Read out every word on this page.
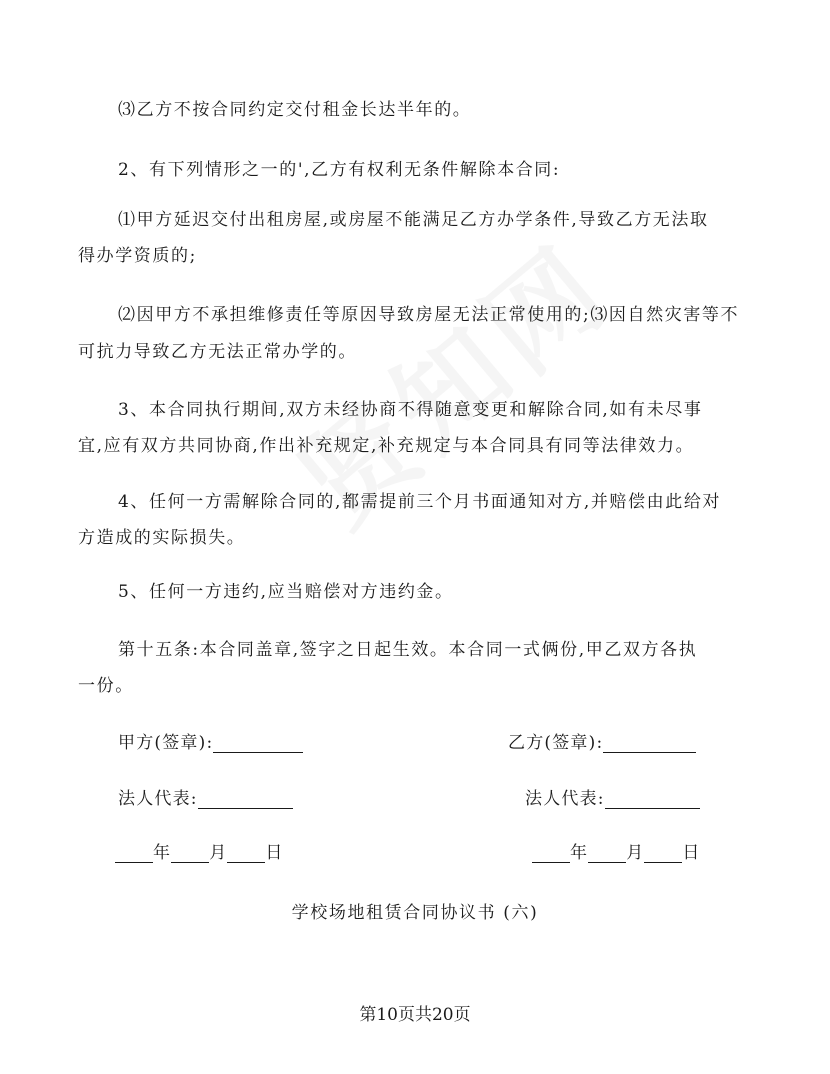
⑶乙方不按合同约定交付租金长达半年的。
2、有下列情形之一的',乙方有权利无条件解除本合同:
⑴甲方延迟交付出租房屋,或房屋不能满足乙方办学条件,导致乙方无法取
得办学资质的;
⑵因甲方不承担维修责任等原因导致房屋无法正常使用的;⑶因自然灾害等不
可抗力导致乙方无法正常办学的。
3、本合同执行期间,双方未经协商不得随意变更和解除合同,如有未尽事
宜,应有双方共同协商,作出补充规定,补充规定与本合同具有同等法律效力。
4、任何一方需解除合同的,都需提前三个月书面通知对方,并赔偿由此给对
方造成的实际损失。
5、任何一方违约,应当赔偿对方违约金。
第十五条:本合同盖章,签字之日起生效。本合同一式俩份,甲乙双方各执
一份。
甲方(签章):	乙方(签章):
法人代表:	法人代表:
年 月 日	年 月 日
学校场地租赁合同协议书 (六)
第10页共20页
